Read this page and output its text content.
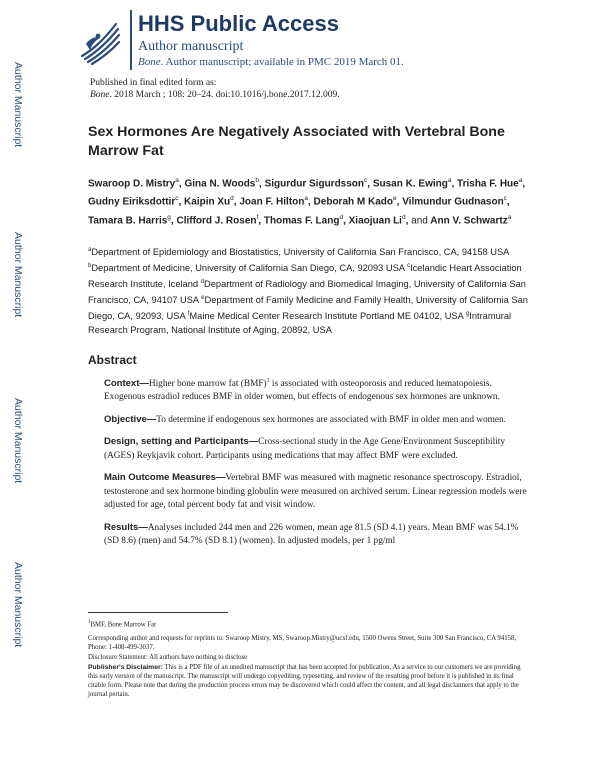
Author Manuscript
Author Manuscript
Author Manuscript
Author Manuscript
HHS Public Access
Author manuscript
Bone. Author manuscript; available in PMC 2019 March 01.
Published in final edited form as:
Bone. 2018 March ; 108: 20–24. doi:10.1016/j.bone.2017.12.009.
Sex Hormones Are Negatively Associated with Vertebral Bone Marrow Fat
Swaroop D. Mistry$^a$, Gina N. Woods$^b$, Sigurdur Sigurdsson$^c$, Susan K. Ewing$^a$, Trisha F. Hue$^a$, Gudny Eiriksdottir$^c$, Kaipin Xu$^d$, Joan F. Hilton$^a$, Deborah M Kado$^e$, Vilmundur Gudnason$^c$, Tamara B. Harris$^g$, Clifford J. Rosen$^f$, Thomas F. Lang$^d$, Xiaojuan Li$^d$, and Ann V. Schwartz$^a$
$^a$Department of Epidemiology and Biostatistics, University of California San Francisco, CA, 94158 USA $^b$Department of Medicine, University of California San Diego, CA, 92093 USA $^c$Icelandic Heart Association Research Institute, Iceland $^d$Department of Radiology and Biomedical Imaging, University of California San Francisco, CA, 94107 USA $^e$Department of Family Medicine and Family Health, University of California San Diego, CA, 92093, USA $^f$Maine Medical Center Research Institute Portland ME 04102, USA $^g$Intramural Research Program, National Institute of Aging, 20892, USA
Abstract
Context—Higher bone marrow fat (BMF)$^1$ is associated with osteoporosis and reduced hematopoiesis. Exogenous estradiol reduces BMF in older women, but effects of endogenous sex hormones are unknown.
Objective—To determine if endogenous sex hormones are associated with BMF in older men and women.
Design, setting and Participants—Cross-sectional study in the Age Gene/Environment Susceptibility (AGES) Reykjavik cohort. Participants using medications that may affect BMF were excluded.
Main Outcome Measures—Vertebral BMF was measured with magnetic resonance spectroscopy. Estradiol, testosterone and sex hormone binding globulin were measured on archived serum. Linear regression models were adjusted for age, total percent body fat and visit window.
Results—Analyses included 244 men and 226 women, mean age 81.5 (SD 4.1) years. Mean BMF was 54.1% (SD 8.6) (men) and 54.7% (SD 8.1) (women). In adjusted models, per 1 pg/ml

$^1$BMF, Bone Marrow Fat

Corresponding author and requests for reprints to: Swaroop Mistry, MS, Swaroop.Mistry@ucsf.edu, 1500 Owens Street, Suite 300 San Francisco, CA 94158, Phone: 1-408-499-3037.

Disclosure Statement: All authors have nothing to disclose

Publisher's Disclaimer: This is a PDF file of an unedited manuscript that has been accepted for publication. As a service to our customers we are providing this early version of the manuscript. The manuscript will undergo copyediting, typesetting, and review of the resulting proof before it is published in its final citable form. Please note that during the production process errors may be discovered which could affect the content, and all legal disclaimers that apply to the journal pertain.
